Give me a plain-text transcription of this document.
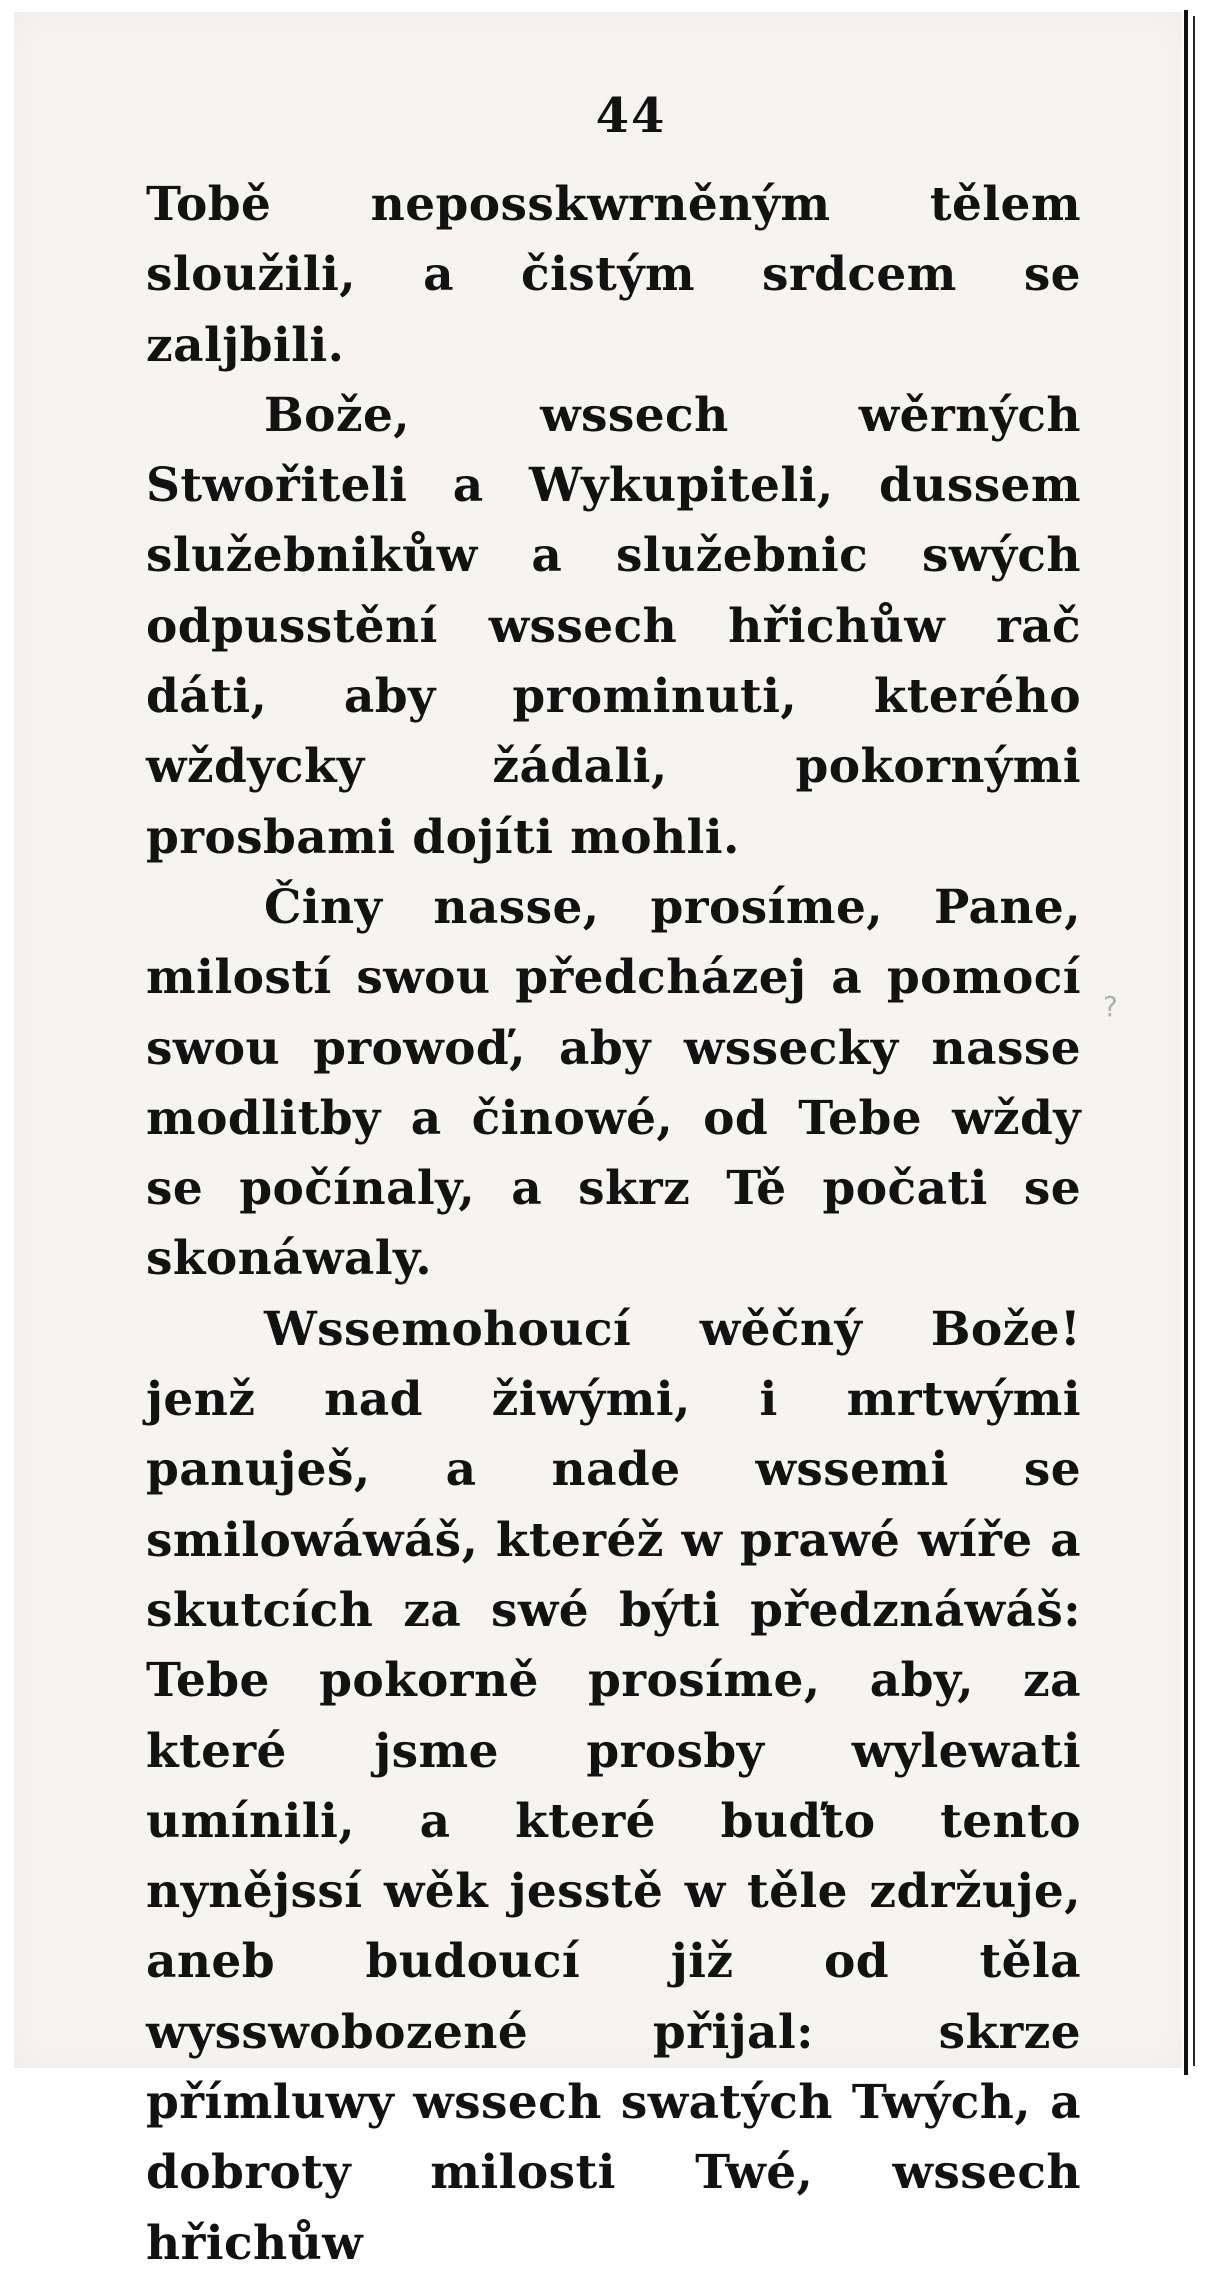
44

Tobě neposskwrněným tělem sloužili, a čistým srdcem se zaljbili.

Bože, wssech wěrných Stwořiteli a Wykupiteli, dussem služebnikůw a služebnic swých odpusstění wssech hřichůw rač dáti, aby prominuti, kterého wždycky žádali, pokornými prosbami dojíti mohli.

Činy nasse, prosíme, Pane, milostí swou předcházej a pomocí swou prowoď, aby wssecky nasse modlitby a činowé, od Tebe wždy se počínaly, a skrz Tě počati se skonáwaly.

Wssemohoucí wěčný Bože! jenž nad žiwými, i mrtwými panuješ, a nade wssemi se smilowáwáš, kteréž w prawé wíře a skutcích za swé býti předznáwáš: Tebe pokorně prosíme, aby, za které jsme prosby wylewati umínili, a které buďto tento nynějssí wěk jesstě w těle zdržuje, aneb budoucí již od těla wysswobozené přijal: skrze přímluwy wssech swatých Twých, a dobroty milosti Twé, wssech hřichůw

?
